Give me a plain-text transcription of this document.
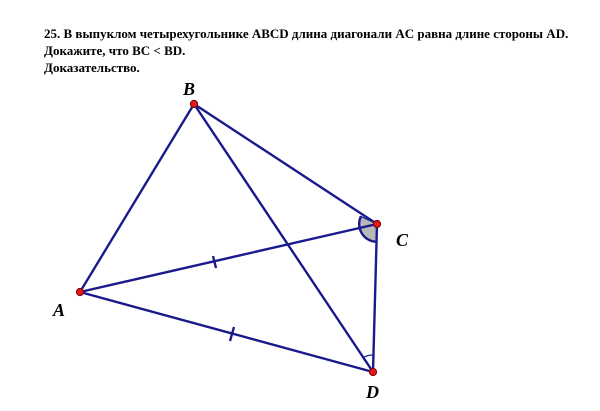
25. В выпуклом четырехугольнике ABCD длина диагонали AC равна длине стороны AD.
Докажите, что BC < BD.
Доказательство.
B
A
C
D
